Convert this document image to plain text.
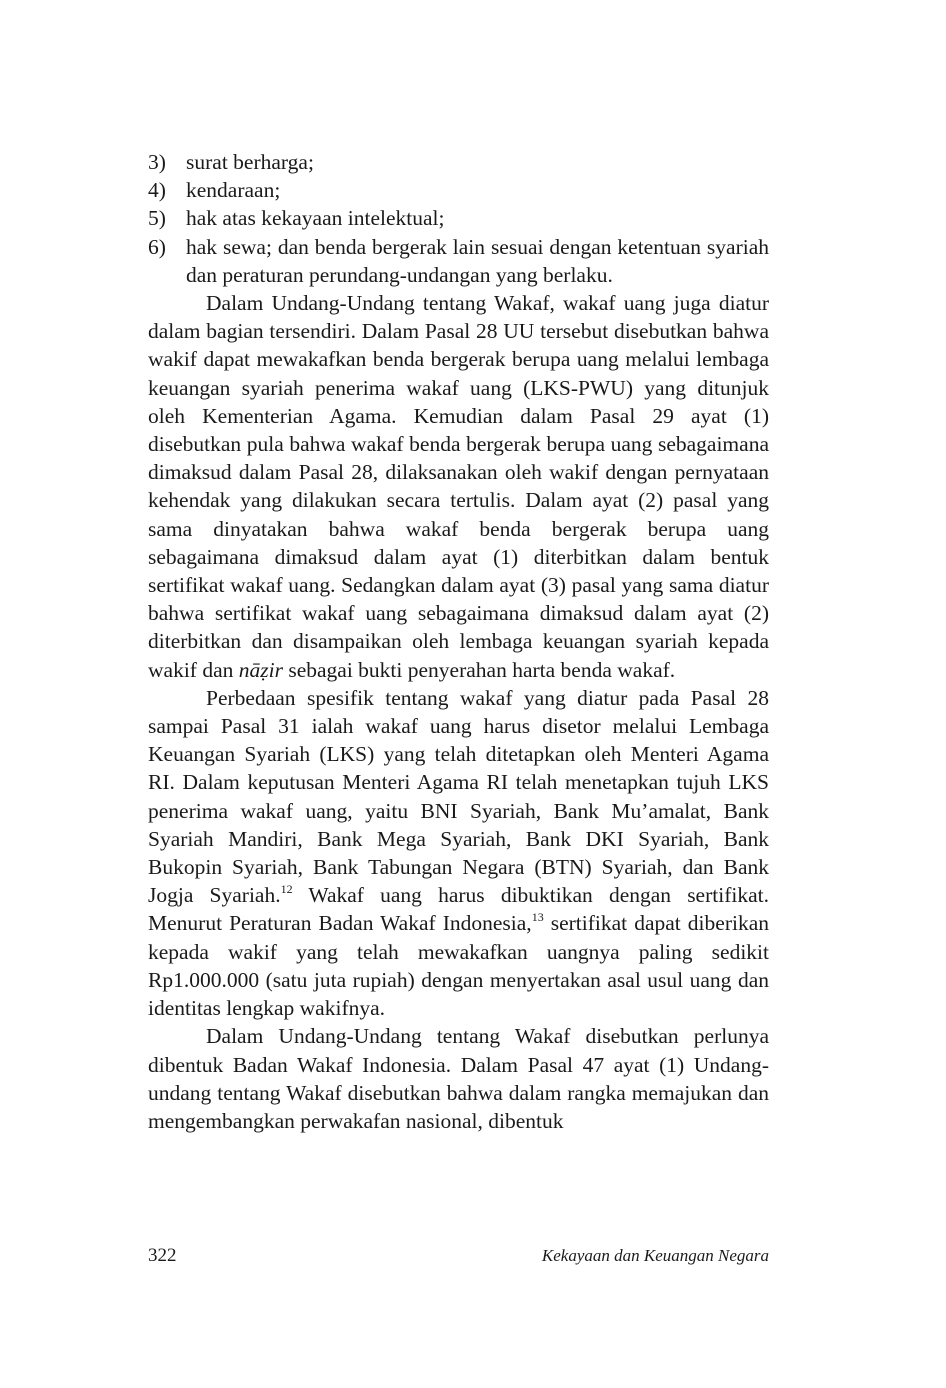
3) surat berharga;
4) kendaraan;
5) hak atas kekayaan intelektual;
6) hak sewa; dan benda bergerak lain sesuai dengan ketentuan syariah dan peraturan perundang-undangan yang berlaku.

Dalam Undang-Undang tentang Wakaf, wakaf uang juga diatur dalam bagian tersendiri. Dalam Pasal 28 UU tersebut disebutkan bahwa wakif dapat mewakafkan benda bergerak berupa uang melalui lembaga keuangan syariah penerima wakaf uang (LKS-PWU) yang ditunjuk oleh Kementerian Agama. Kemudian dalam Pasal 29 ayat (1) disebutkan pula bahwa wakaf benda bergerak berupa uang sebagaimana dimaksud dalam Pasal 28, dilaksanakan oleh wakif dengan pernyataan kehendak yang dilakukan secara tertulis. Dalam ayat (2) pasal yang sama dinyatakan bahwa wakaf benda bergerak berupa uang sebagaimana dimaksud dalam ayat (1) diterbitkan dalam bentuk sertifikat wakaf uang. Sedangkan dalam ayat (3) pasal yang sama diatur bahwa sertifikat wakaf uang sebagaimana dimaksud dalam ayat (2) diterbitkan dan disampaikan oleh lembaga keuangan syariah kepada wakif dan nāẓir sebagai bukti penyerahan harta benda wakaf.

Perbedaan spesifik tentang wakaf yang diatur pada Pasal 28 sampai Pasal 31 ialah wakaf uang harus disetor melalui Lembaga Keuangan Syariah (LKS) yang telah ditetapkan oleh Menteri Agama RI. Dalam keputusan Menteri Agama RI telah menetapkan tujuh LKS penerima wakaf uang, yaitu BNI Syariah, Bank Mu’amalat, Bank Syariah Mandiri, Bank Mega Syariah, Bank DKI Syariah, Bank Bukopin Syariah, Bank Tabungan Negara (BTN) Syariah, dan Bank Jogja Syariah.$^{12}$ Wakaf uang harus dibuktikan dengan sertifikat. Menurut Peraturan Badan Wakaf Indonesia,$^{13}$ sertifikat dapat diberikan kepada wakif yang telah mewakafkan uangnya paling sedikit Rp1.000.000 (satu juta rupiah) dengan menyertakan asal usul uang dan identitas lengkap wakifnya.

Dalam Undang-Undang tentang Wakaf disebutkan perlunya dibentuk Badan Wakaf Indonesia. Dalam Pasal 47 ayat (1) Undang-undang tentang Wakaf disebutkan bahwa dalam rangka memajukan dan mengembangkan perwakafan nasional, dibentuk

322	Kekayaan dan Keuangan Negara
